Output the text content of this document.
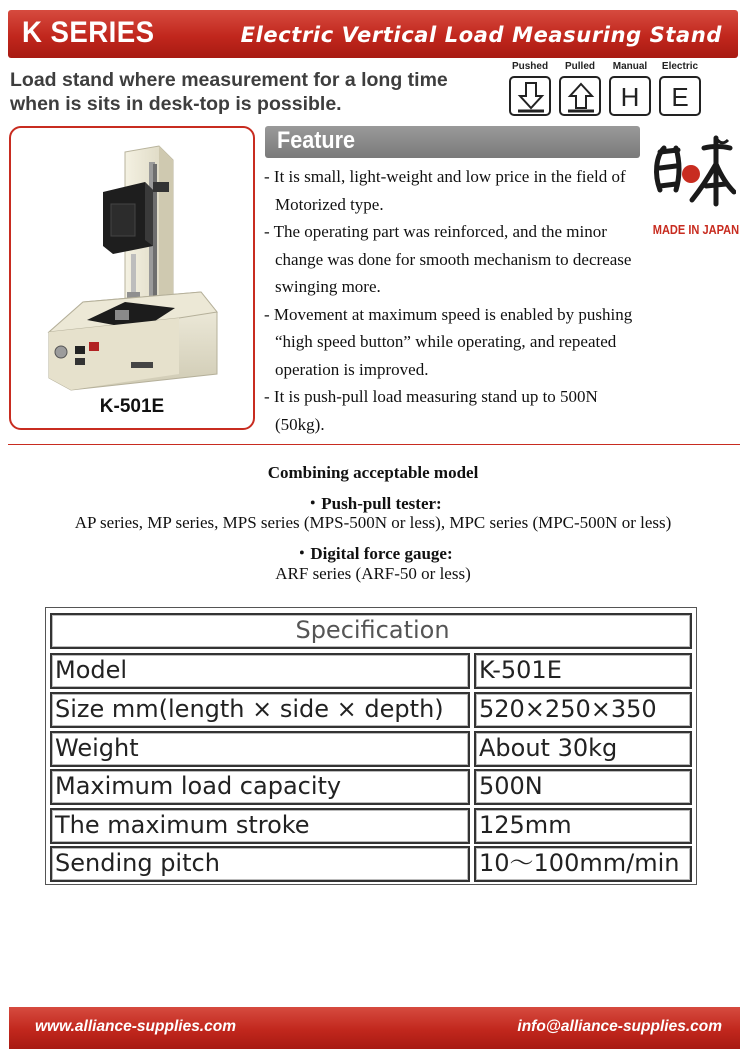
K SERIES	Electric Vertical Load Measuring Stand
Load stand where measurement for a long time
when is sits in desk-top is possible.
Pushed	Pulled	Manual
H
Electric
E
K-501E
Feature
- It is small, light-weight and low price in the field of Motorized type.
- The operating part was reinforced, and the minor change was done for smooth mechanism to decrease swinging more.
- Movement at maximum speed is enabled by pushing “high speed button” while operating, and repeated operation is improved.
- It is push-pull load measuring stand up to 500N (50kg).
MADE IN JAPAN
Combining acceptable model
・Push-pull tester:
AP series, MP series, MPS series (MPS-500N or less), MPC series (MPC-500N or less)
・Digital force gauge:
ARF series (ARF-50 or less)
Specification
Model	K-501E
Size mm(length × side × depth)	520×250×350
Weight	About 30kg
Maximum load capacity	500N
The maximum stroke	125mm
Sending pitch	10～100mm/min
www.alliance-supplies.com	info@alliance-supplies.com
